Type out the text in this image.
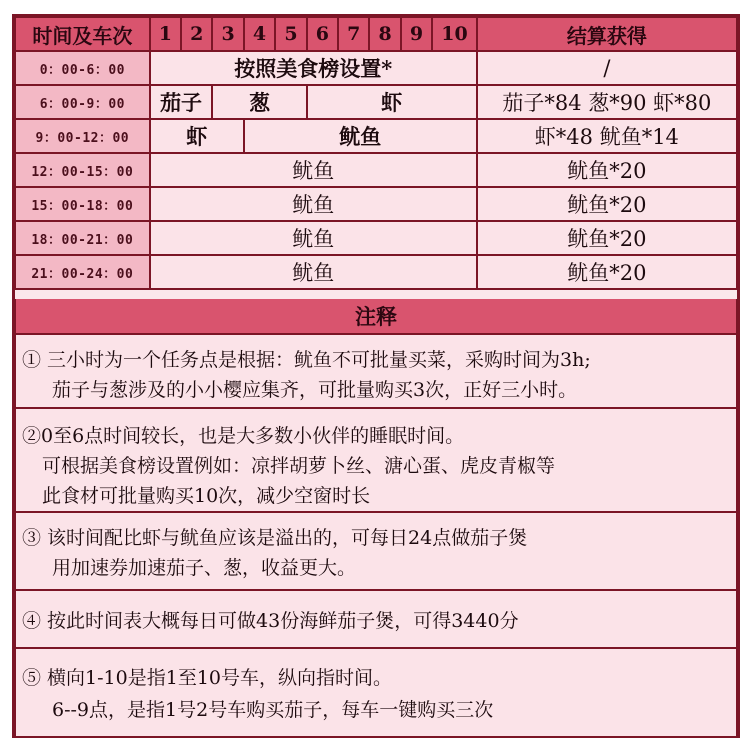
时间及车次	1	2	3	4	5	6	7	8	9	10	结算获得
0：00-6：00	按照美食榜设置*										/
6：00-9：00	茄子		葱			虾					茄子*84 葱*90 虾*80
9：00-12：00	虾			鱿鱼							虾*48 鱿鱼*14
12：00-15：00	鱿鱼										鱿鱼*20
15：00-18：00	鱿鱼										鱿鱼*20
18：00-21：00	鱿鱼										鱿鱼*20
21：00-24：00	鱿鱼										鱿鱼*20
注释
① 三小时为一个任务点是根据：鱿鱼不可批量买菜，采购时间为3h;
茄子与葱涉及的小小樱应集齐，可批量购买3次，正好三小时。
②0至6点时间较长，也是大多数小伙伴的睡眠时间。
可根据美食榜设置例如：凉拌胡萝卜丝、溏心蛋、虎皮青椒等
此食材可批量购买10次，减少空窗时长
③ 该时间配比虾与鱿鱼应该是溢出的，可每日24点做茄子煲
用加速券加速茄子、葱，收益更大。
④ 按此时间表大概每日可做43份海鲜茄子煲，可得3440分
⑤ 横向1-10是指1至10号车，纵向指时间。
6--9点，是指1号2号车购买茄子，每车一键购买三次
